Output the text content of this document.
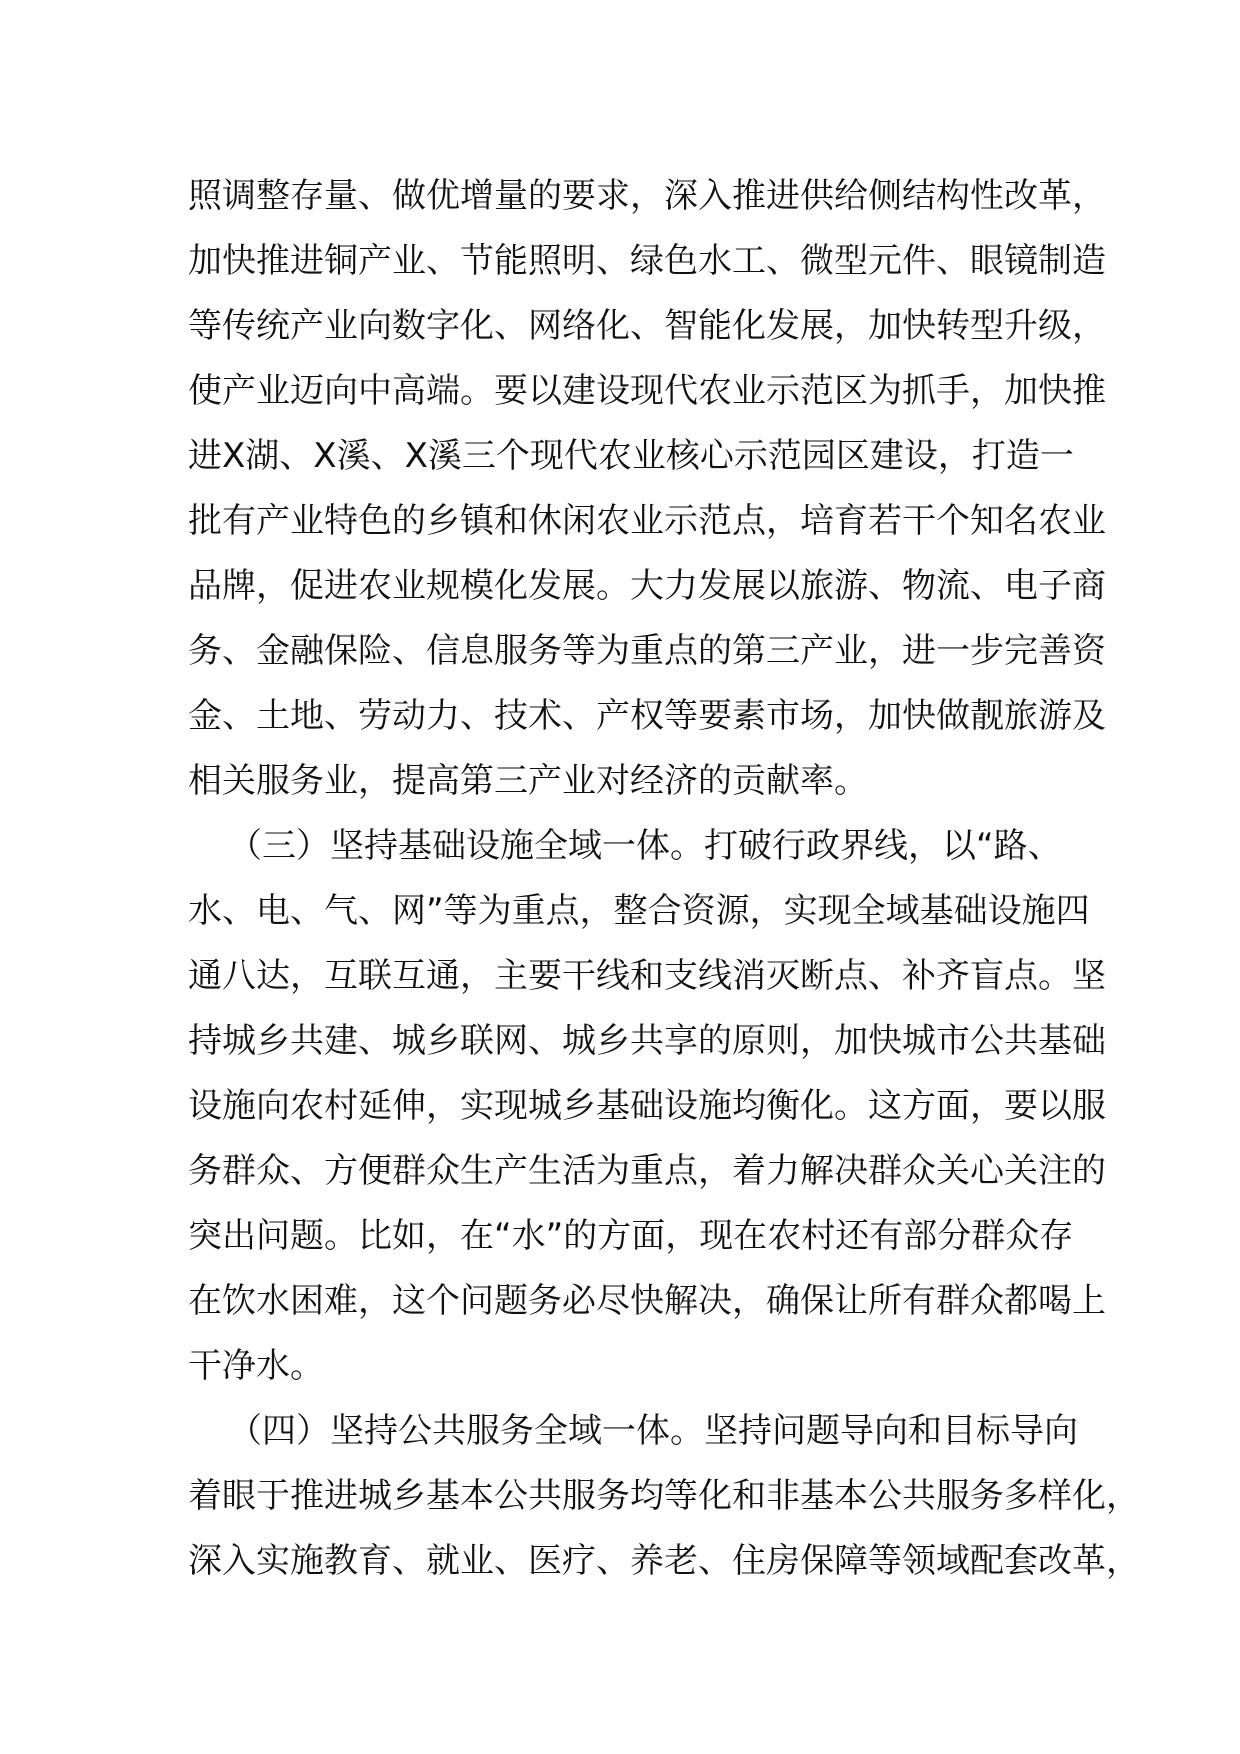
照调整存量、做优增量的要求，深入推进供给侧结构性改革，
加快推进铜产业、节能照明、绿色水工、微型元件、眼镜制造
等传统产业向数字化、网络化、智能化发展，加快转型升级，
使产业迈向中高端。要以建设现代农业示范区为抓手，加快推
进X湖、X溪、X溪三个现代农业核心示范园区建设，打造一
批有产业特色的乡镇和休闲农业示范点，培育若干个知名农业
品牌，促进农业规模化发展。大力发展以旅游、物流、电子商
务、金融保险、信息服务等为重点的第三产业，进一步完善资
金、土地、劳动力、技术、产权等要素市场，加快做靓旅游及
相关服务业，提高第三产业对经济的贡献率。
（三）坚持基础设施全域一体。打破行政界线，以“路、
水、电、气、网”等为重点，整合资源，实现全域基础设施四
通八达，互联互通，主要干线和支线消灭断点、补齐盲点。坚
持城乡共建、城乡联网、城乡共享的原则，加快城市公共基础
设施向农村延伸，实现城乡基础设施均衡化。这方面，要以服
务群众、方便群众生产生活为重点，着力解决群众关心关注的
突出问题。比如，在“水”的方面，现在农村还有部分群众存
在饮水困难，这个问题务必尽快解决，确保让所有群众都喝上
干净水。
（四）坚持公共服务全域一体。坚持问题导向和目标导向
着眼于推进城乡基本公共服务均等化和非基本公共服务多样化，
深入实施教育、就业、医疗、养老、住房保障等领域配套改革，
